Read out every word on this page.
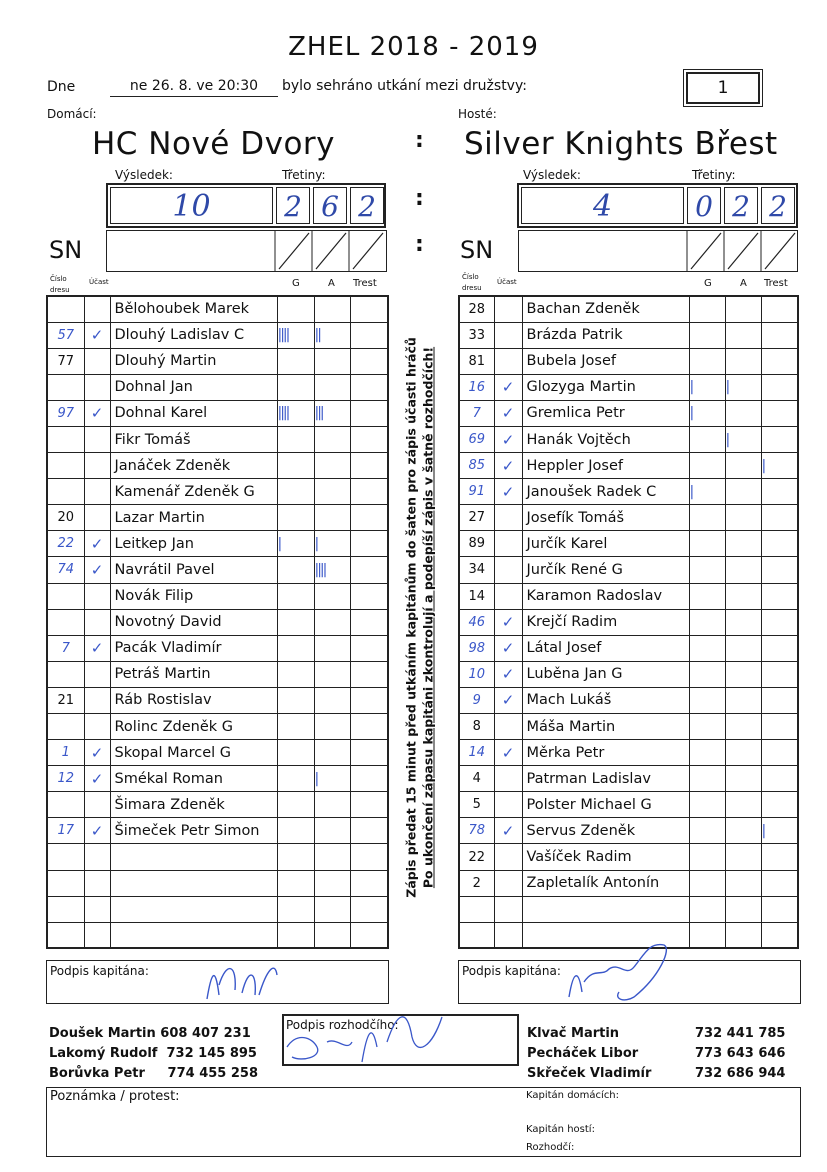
ZHEL 2018 - 2019
Dne	ne 26. 8. ve 20:30	bylo sehráno utkání mezi družstvy:	1
Domácí:
HC Nové Dvory
Výsledek:	Třetiny:
10	2 6 2
SN
Číslo dresu
Účast	G	A Trest
		Bělohoubek Marek			
57	✓	Dlouhý Ladislav C	||||	||	
77		Dlouhý Martin			
		Dohnal Jan			
97	✓	Dohnal Karel	||||	|||	
		Fikr Tomáš			
		Janáček Zdeněk			
		Kamenář Zdeněk G			
20		Lazar Martin			
22	✓	Leitkep Jan	|	|	
74	✓	Navrátil Pavel		||||	
		Novák Filip			
		Novotný David			
7	✓	Pacák Vladimír			
		Petráš Martin			
21		Ráb Rostislav			
		Rolinc Zdeněk G			
1	✓	Skopal Marcel G			
12	✓	Smékal Roman		|	
		Šimara Zdeněk			
17	✓	Šimeček Petr Simon			

:
:
:
Zápis předat 15 minut před utkáním kapitánům do šaten pro zápis účasti hráčů Po ukončení zápasu kapitáni zkontrolují a podepíší zápis v šatně rozhodčích!
Hosté:
Silver Knights Břest
Výsledek:	Třetiny:
4	0 2 2
SN
Číslo dresu
Účast	G	A Trest
28		Bachan Zdeněk			
33		Brázda Patrik			
81		Bubela Josef			
16	✓	Glozyga Martin	|	|	
7	✓	Gremlica Petr	|		
69	✓	Hanák Vojtěch		|	
85	✓	Heppler Josef			|
91	✓	Janoušek Radek C	|		
27		Josefík Tomáš			
89		Jurčík Karel			
34		Jurčík René G			
14		Karamon Radoslav			
46	✓	Krejčí Radim			
98	✓	Látal Josef			
10	✓	Luběna Jan G			
9	✓	Mach Lukáš			
8		Máša Martin			
14	✓	Měrka Petr			
4		Patrman Ladislav			
5		Polster Michael G			
78	✓	Servus Zdeněk			|
22		Vašíček Radim			
2		Zapletalík Antonín			

Podpis kapitána:	Podpis kapitána:
Podpis rozhodčího:
Doušek Martin 608 407 231
Lakomý Rudolf 732 145 895
Borůvka Petr 774 455 258
Klvač Martin	732 441 785
Pecháček Libor	773 643 646
Skřeček Vladimír	732 686 944
Poznámka / protest:	Kapitán domácích:
Kapitán hostí:
Rozhodčí:
